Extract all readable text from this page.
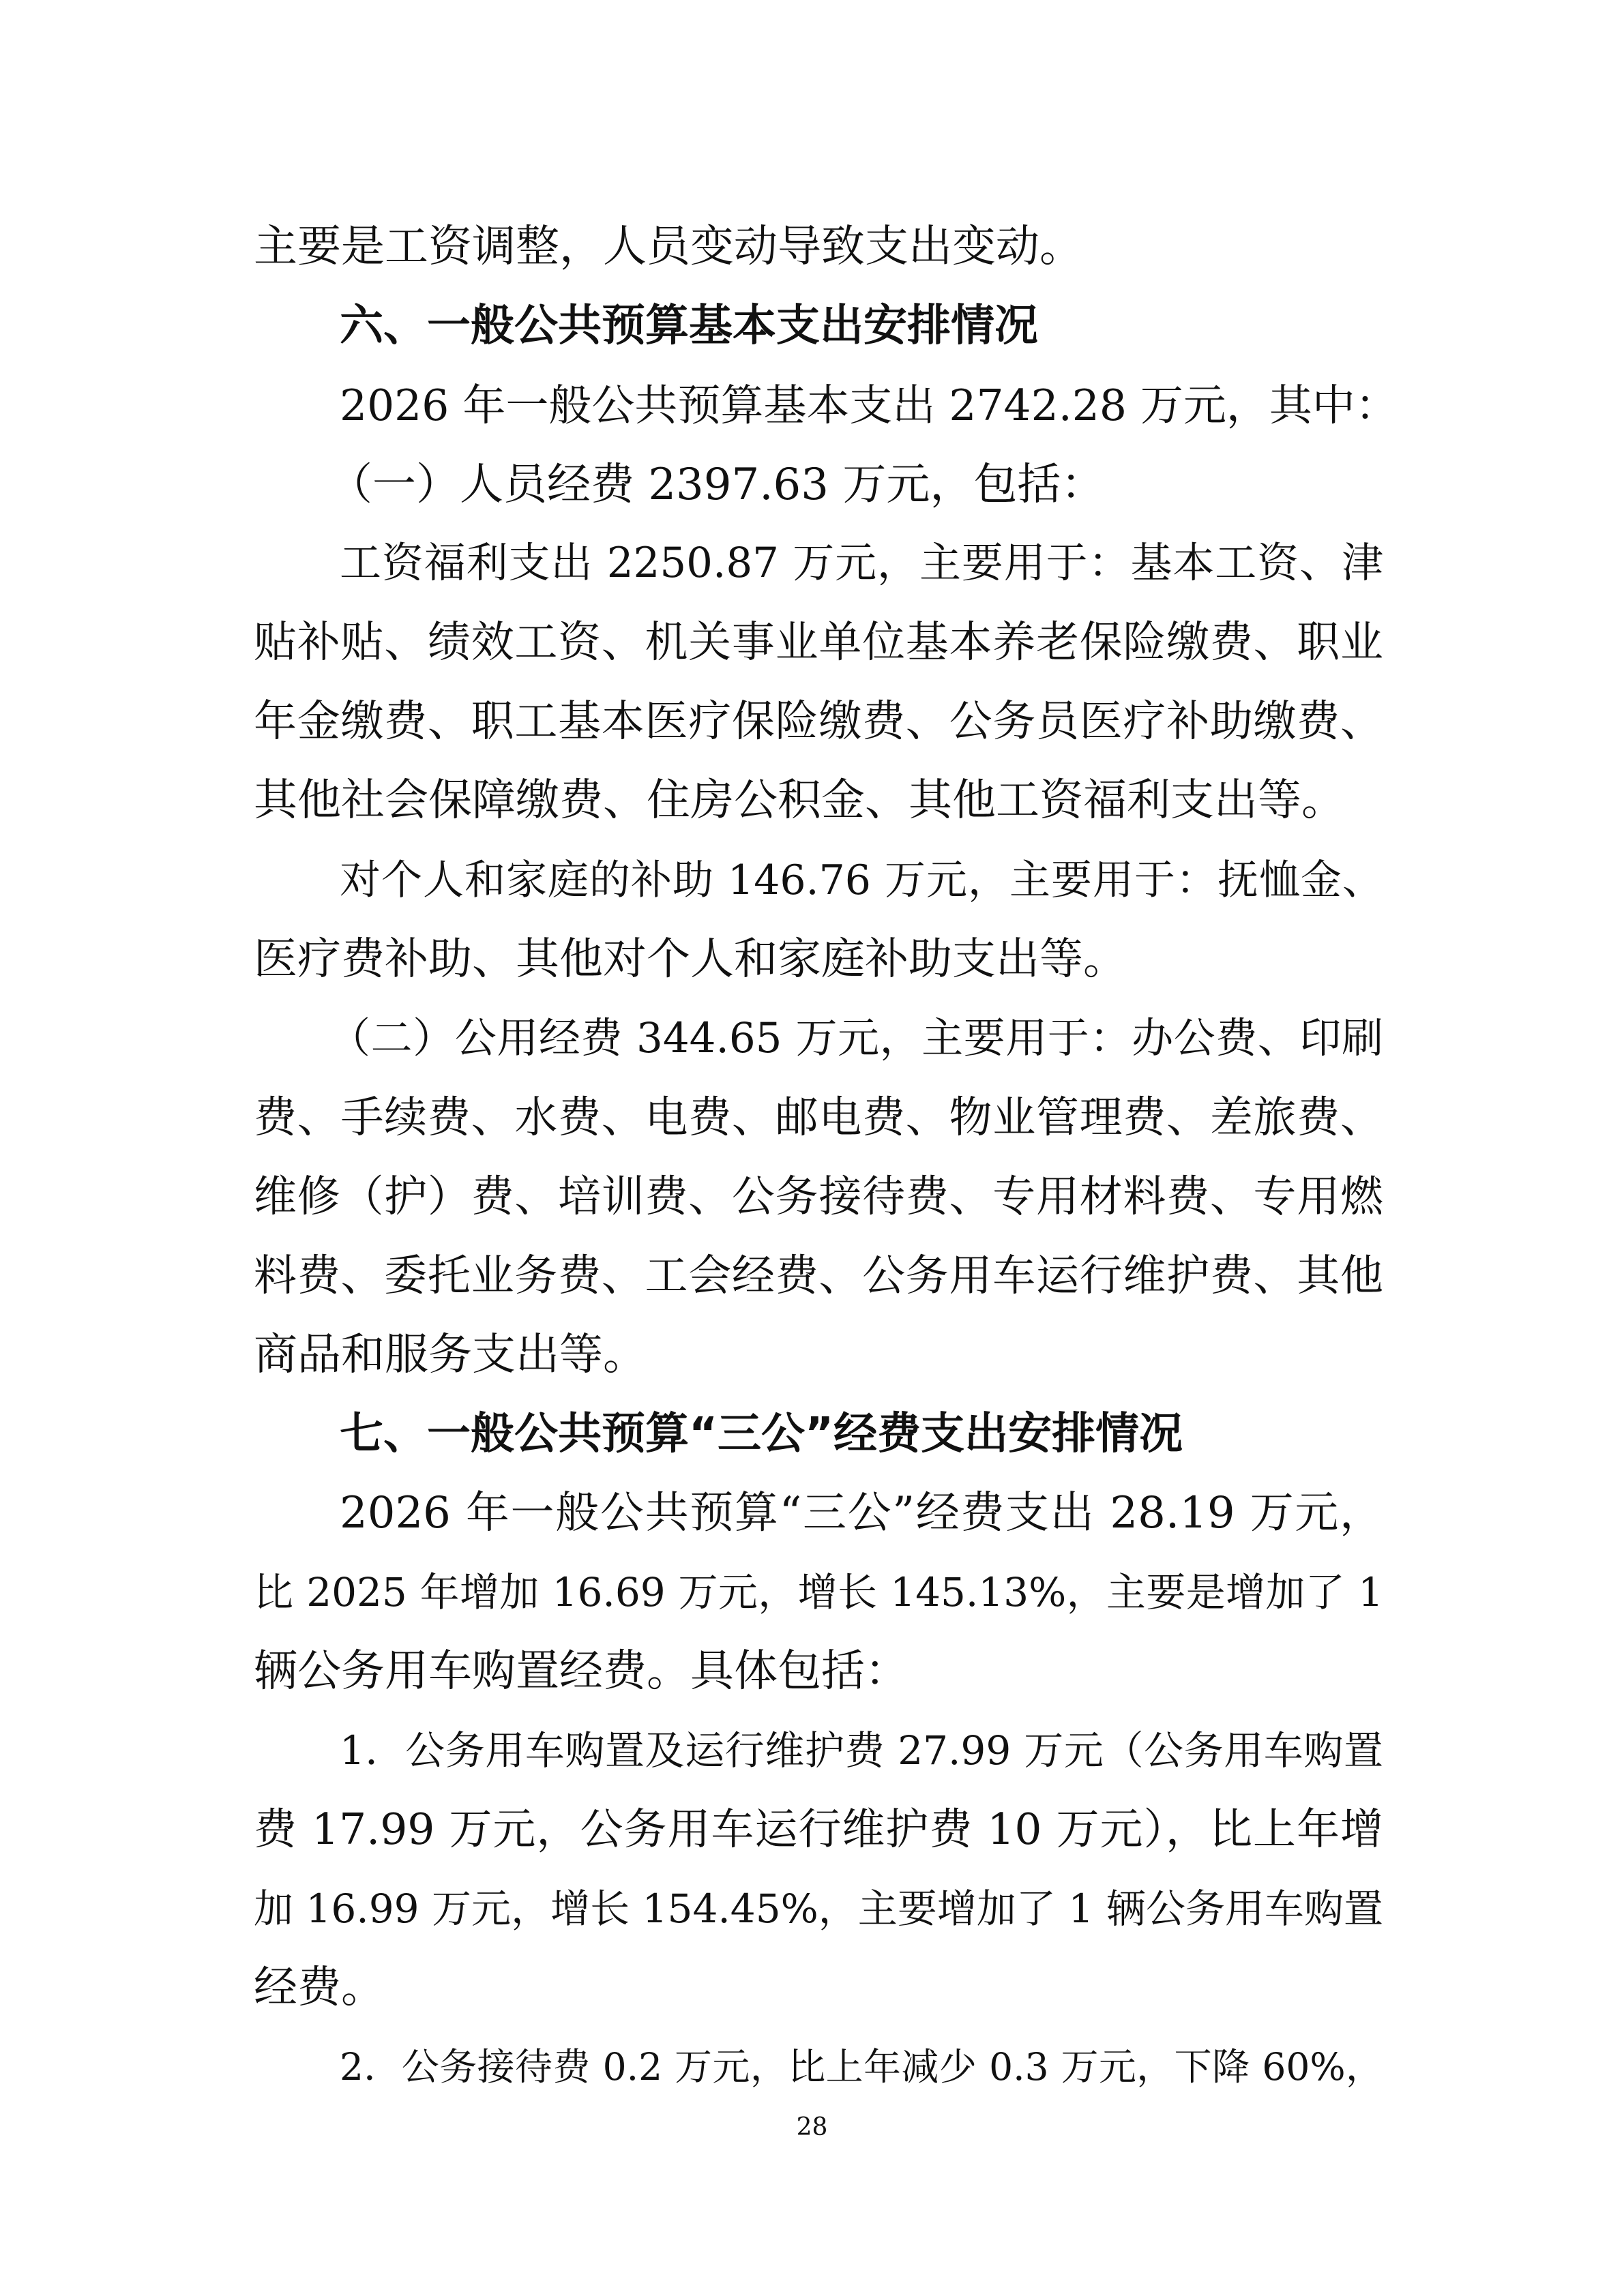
主要是工资调整，人员变动导致支出变动。
六、一般公共预算基本支出安排情况
2026 年一般公共预算基本支出 2742.28 万元，其中：
（一）人员经费 2397.63 万元，包括：
工资福利支出 2250.87 万元，主要用于：基本工资、津
贴补贴、绩效工资、机关事业单位基本养老保险缴费、职业
年金缴费、职工基本医疗保险缴费、公务员医疗补助缴费、
其他社会保障缴费、住房公积金、其他工资福利支出等。
对个人和家庭的补助 146.76 万元，主要用于：抚恤金、
医疗费补助、其他对个人和家庭补助支出等。
（二）公用经费 344.65 万元，主要用于：办公费、印刷
费、手续费、水费、电费、邮电费、物业管理费、差旅费、
维修（护）费、培训费、公务接待费、专用材料费、专用燃
料费、委托业务费、工会经费、公务用车运行维护费、其他
商品和服务支出等。
七、一般公共预算“三公”经费支出安排情况
2026 年一般公共预算“三公”经费支出 28.19 万元，
比 2025 年增加 16.69 万元，增长 145.13%，主要是增加了 1
辆公务用车购置经费。具体包括：
1．公务用车购置及运行维护费 27.99 万元（公务用车购置
费 17.99 万元，公务用车运行维护费 10 万元），比上年增
加 16.99 万元，增长 154.45%，主要增加了 1 辆公务用车购置
经费。
2．公务接待费 0.2 万元，比上年减少 0.3 万元，下降 60%，
28
